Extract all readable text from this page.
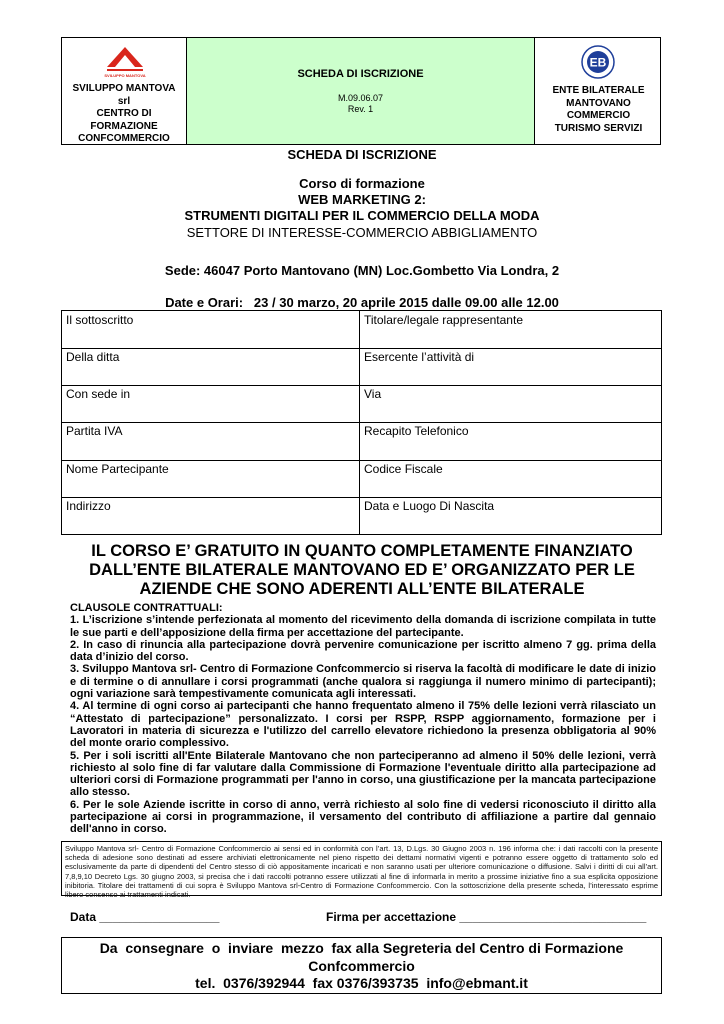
SVILUPPO MANTOVA
SVILUPPO MANTOVA
srl
CENTRO DI
FORMAZIONE
CONFCOMMERCIO
SCHEDA DI ISCRIZIONE
M.09.06.07
Rev. 1
EB
ENTE BILATERALE
MANTOVANO
COMMERCIO
TURISMO SERVIZI
SCHEDA DI ISCRIZIONE
Corso di formazione
WEB MARKETING 2:
STRUMENTI DIGITALI PER IL COMMERCIO DELLA MODA
SETTORE DI INTERESSE-COMMERCIO ABBIGLIAMENTO
Sede: 46047 Porto Mantovano (MN) Loc.Gombetto Via Londra, 2
Date e Orari:   23 / 30 marzo, 20 aprile 2015 dalle 09.00 alle 12.00
Il sottoscritto	Titolare/legale rappresentante
Della ditta	Esercente l’attività di
Con sede in	Via
Partita IVA	Recapito Telefonico
Nome Partecipante	Codice Fiscale
Indirizzo	Data e Luogo Di Nascita
IL CORSO E’ GRATUITO IN QUANTO COMPLETAMENTE FINANZIATO
DALL’ENTE BILATERALE MANTOVANO ED E’ ORGANIZZATO PER LE
AZIENDE CHE SONO ADERENTI ALL’ENTE BILATERALE

CLAUSOLE CONTRATTUALI:

1. L’iscrizione s’intende perfezionata al momento del ricevimento della domanda di iscrizione compilata in tutte le sue parti e dell’apposizione della firma per accettazione del partecipante.

2. In caso di rinuncia alla partecipazione dovrà pervenire comunicazione per iscritto almeno 7 gg. prima della data d’inizio del corso.

3. Sviluppo Mantova srl- Centro di Formazione Confcommercio si riserva la facoltà di modificare le date di inizio e di termine o di annullare i corsi programmati (anche qualora si raggiunga il numero minimo di partecipanti); ogni variazione sarà tempestivamente comunicata agli interessati.

4. Al termine di ogni corso ai partecipanti che hanno frequentato almeno il 75% delle lezioni verrà rilasciato un “Attestato di partecipazione” personalizzato. I corsi per RSPP, RSPP aggiornamento, formazione per i Lavoratori in materia di sicurezza e l'utilizzo del carrello elevatore richiedono la presenza obbligatoria al 90% del monte orario complessivo.

5. Per i soli iscritti all'Ente Bilaterale Mantovano che non parteciperanno ad almeno il 50% delle lezioni, verrà richiesto al solo fine di far valutare dalla Commissione di Formazione l'eventuale diritto alla partecipazione ad ulteriori corsi di Formazione programmati per l'anno in corso, una giustificazione per la mancata partecipazione allo stesso.

6. Per le sole Aziende iscritte in corso di anno, verrà richiesto al solo fine di vedersi riconosciuto il diritto alla partecipazione ai corsi in programmazione, il versamento del contributo di affiliazione a partire dal gennaio dell'anno in corso.

Sviluppo Mantova srl- Centro di Formazione Confcommercio ai sensi ed in conformità con l’art. 13, D.Lgs. 30 Giugno 2003 n. 196 informa che: i dati raccolti con la presente scheda di adesione sono destinati ad essere archiviati elettronicamente nel pieno rispetto dei dettami normativi vigenti e potranno essere oggetto di trattamento solo ed esclusivamente da parte di dipendenti del Centro stesso di ciò appositamente incaricati e non saranno usati per ulteriore comunicazione o diffusione. Salvi i diritti di cui all’art. 7,8,9,10 Decreto Lgs. 30 giugno 2003, si precisa che i dati raccolti potranno essere utilizzati al fine di informarla in merito a prossime iniziative fino a sua esplicita opposizione inibitoria. Titolare dei trattamenti di cui sopra è Sviluppo Mantova srl-Centro di Formazione Confcommercio. Con la sottoscrizione della presente scheda, l’interessato esprime libero consenso ai trattamenti indicati.
Data __________________	Firma per accettazione ____________________________
Da  consegnare  o  inviare  mezzo  fax alla Segreteria del Centro di Formazione
Confcommercio
tel.  0376/392944  fax 0376/393735  info@ebmant.it
